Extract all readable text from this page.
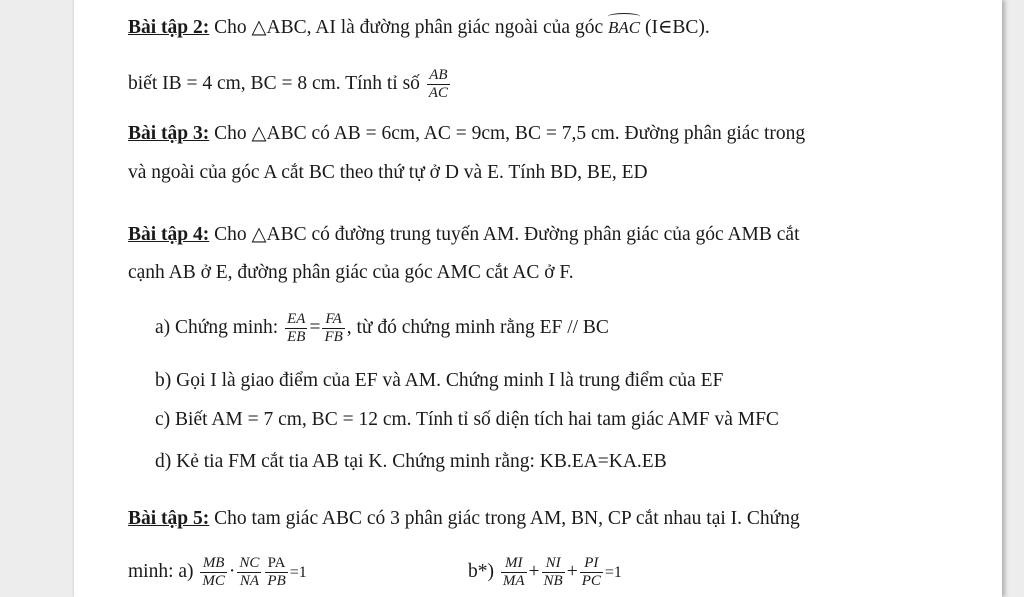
Bài tập 2: Cho △ABC, AI là đường phân giác ngoài của góc BAC (I∈BC).
biết IB = 4 cm, BC = 8 cm. Tính tỉ số $\frac{AB}{AC}$
Bài tập 3: Cho △ABC có AB = 6cm, AC = 9cm, BC = 7,5 cm. Đường phân giác trong
và ngoài của góc A cắt BC theo thứ tự ở D và E. Tính BD, BE, ED
Bài tập 4: Cho △ABC có đường trung tuyến AM. Đường phân giác của góc AMB cắt
cạnh AB ở E, đường phân giác của góc AMC cắt AC ở F.
a) Chứng minh: $\frac{EA}{EB} = \frac{FA}{FB}$ , từ đó chứng minh rằng EF // BC
b) Gọi I là giao điểm của EF và AM. Chứng minh I là trung điểm của EF
c) Biết AM = 7 cm, BC = 12 cm. Tính tỉ số diện tích hai tam giác AMF và MFC
d) Kẻ tia FM cắt tia AB tại K. Chứng minh rằng: KB.EA=KA.EB
Bài tập 5: Cho tam giác ABC có 3 phân giác trong AM, BN, CP cắt nhau tại I. Chứng
minh: $a) \frac{MB}{MC} \cdot \frac{NC}{NA} \frac{PA}{PB} =1$	$b*) \frac{MI}{MA} + \frac{NI}{NB} + \frac{PI}{PC} =1$
